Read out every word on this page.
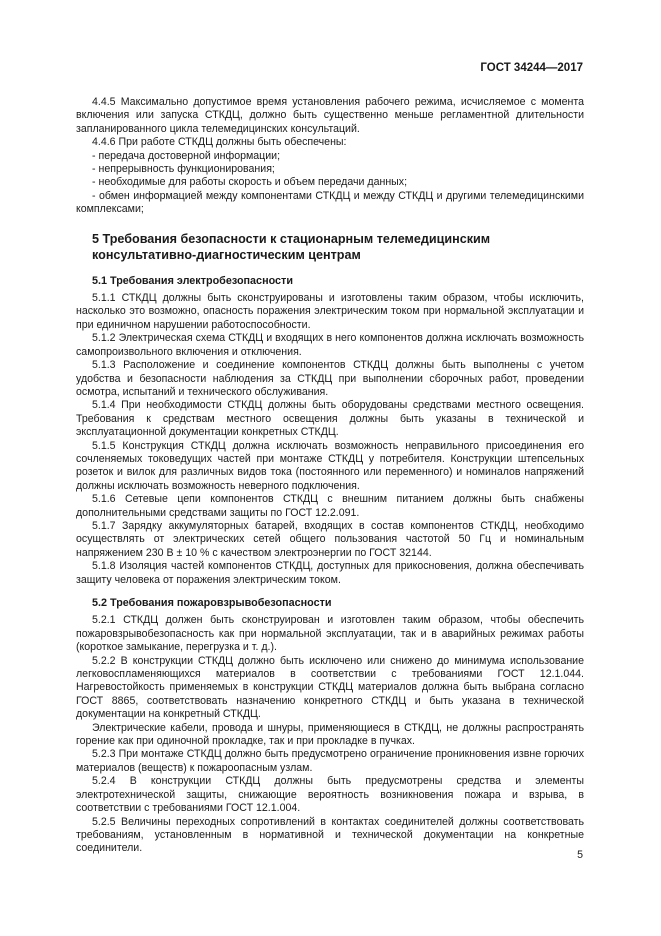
ГОСТ 34244—2017

4.4.5 Максимально допустимое время установления рабочего режима, исчисляемое с момента включения или запуска СТКДЦ, должно быть существенно меньше регламентной длительности запланированного цикла телемедицинских консультаций.

4.4.6 При работе СТКДЦ должны быть обеспечены:

- передача достоверной информации;

- непрерывность функционирования;

- необходимые для работы скорость и объем передачи данных;

- обмен информацией между компонентами СТКДЦ и между СТКДЦ и другими телемедицинскими комплексами;

5 Требования безопасности к стационарным телемедицинским консультативно-диагностическим центрам
5.1 Требования электробезопасности

5.1.1 СТКДЦ должны быть сконструированы и изготовлены таким образом, чтобы исключить, насколько это возможно, опасность поражения электрическим током при нормальной эксплуатации и при единичном нарушении работоспособности.

5.1.2 Электрическая схема СТКДЦ и входящих в него компонентов должна исключать возможность самопроизвольного включения и отключения.

5.1.3 Расположение и соединение компонентов СТКДЦ должны быть выполнены с учетом удобства и безопасности наблюдения за СТКДЦ при выполнении сборочных работ, проведении осмотра, испытаний и технического обслуживания.

5.1.4 При необходимости СТКДЦ должны быть оборудованы средствами местного освещения. Требования к средствам местного освещения должны быть указаны в технической и эксплуатационной документации конкретных СТКДЦ.

5.1.5 Конструкция СТКДЦ должна исключать возможность неправильного присоединения его сочленяемых токоведущих частей при монтаже СТКДЦ у потребителя. Конструкции штепсельных розеток и вилок для различных видов тока (постоянного или переменного) и номиналов напряжений должны исключать возможность неверного подключения.

5.1.6 Сетевые цепи компонентов СТКДЦ с внешним питанием должны быть снабжены дополнительными средствами защиты по ГОСТ 12.2.091.

5.1.7 Зарядку аккумуляторных батарей, входящих в состав компонентов СТКДЦ, необходимо осуществлять от электрических сетей общего пользования частотой 50 Гц и номинальным напряжением 230 В ± 10 % с качеством электроэнергии по ГОСТ 32144.

5.1.8 Изоляция частей компонентов СТКДЦ, доступных для прикосновения, должна обеспечивать защиту человека от поражения электрическим током.

5.2 Требования пожаровзрывобезопасности

5.2.1 СТКДЦ должен быть сконструирован и изготовлен таким образом, чтобы обеспечить пожаровзрывобезопасность как при нормальной эксплуатации, так и в аварийных режимах работы (короткое замыкание, перегрузка и т. д.).

5.2.2 В конструкции СТКДЦ должно быть исключено или снижено до минимума использование легковоспламеняющихся материалов в соответствии с требованиями ГОСТ 12.1.044. Нагревостойкость применяемых в конструкции СТКДЦ материалов должна быть выбрана согласно ГОСТ 8865, соответствовать назначению конкретного СТКДЦ и быть указана в технической документации на конкретный СТКДЦ.

Электрические кабели, провода и шнуры, применяющиеся в СТКДЦ, не должны распространять горение как при одиночной прокладке, так и при прокладке в пучках.

5.2.3 При монтаже СТКДЦ должно быть предусмотрено ограничение проникновения извне горючих материалов (веществ) к пожароопасным узлам.

5.2.4 В конструкции СТКДЦ должны быть предусмотрены средства и элементы электротехнической защиты, снижающие вероятность возникновения пожара и взрыва, в соответствии с требованиями ГОСТ 12.1.004.

5.2.5 Величины переходных сопротивлений в контактах соединителей должны соответствовать требованиям, установленным в нормативной и технической документации на конкретные соединители.

5
